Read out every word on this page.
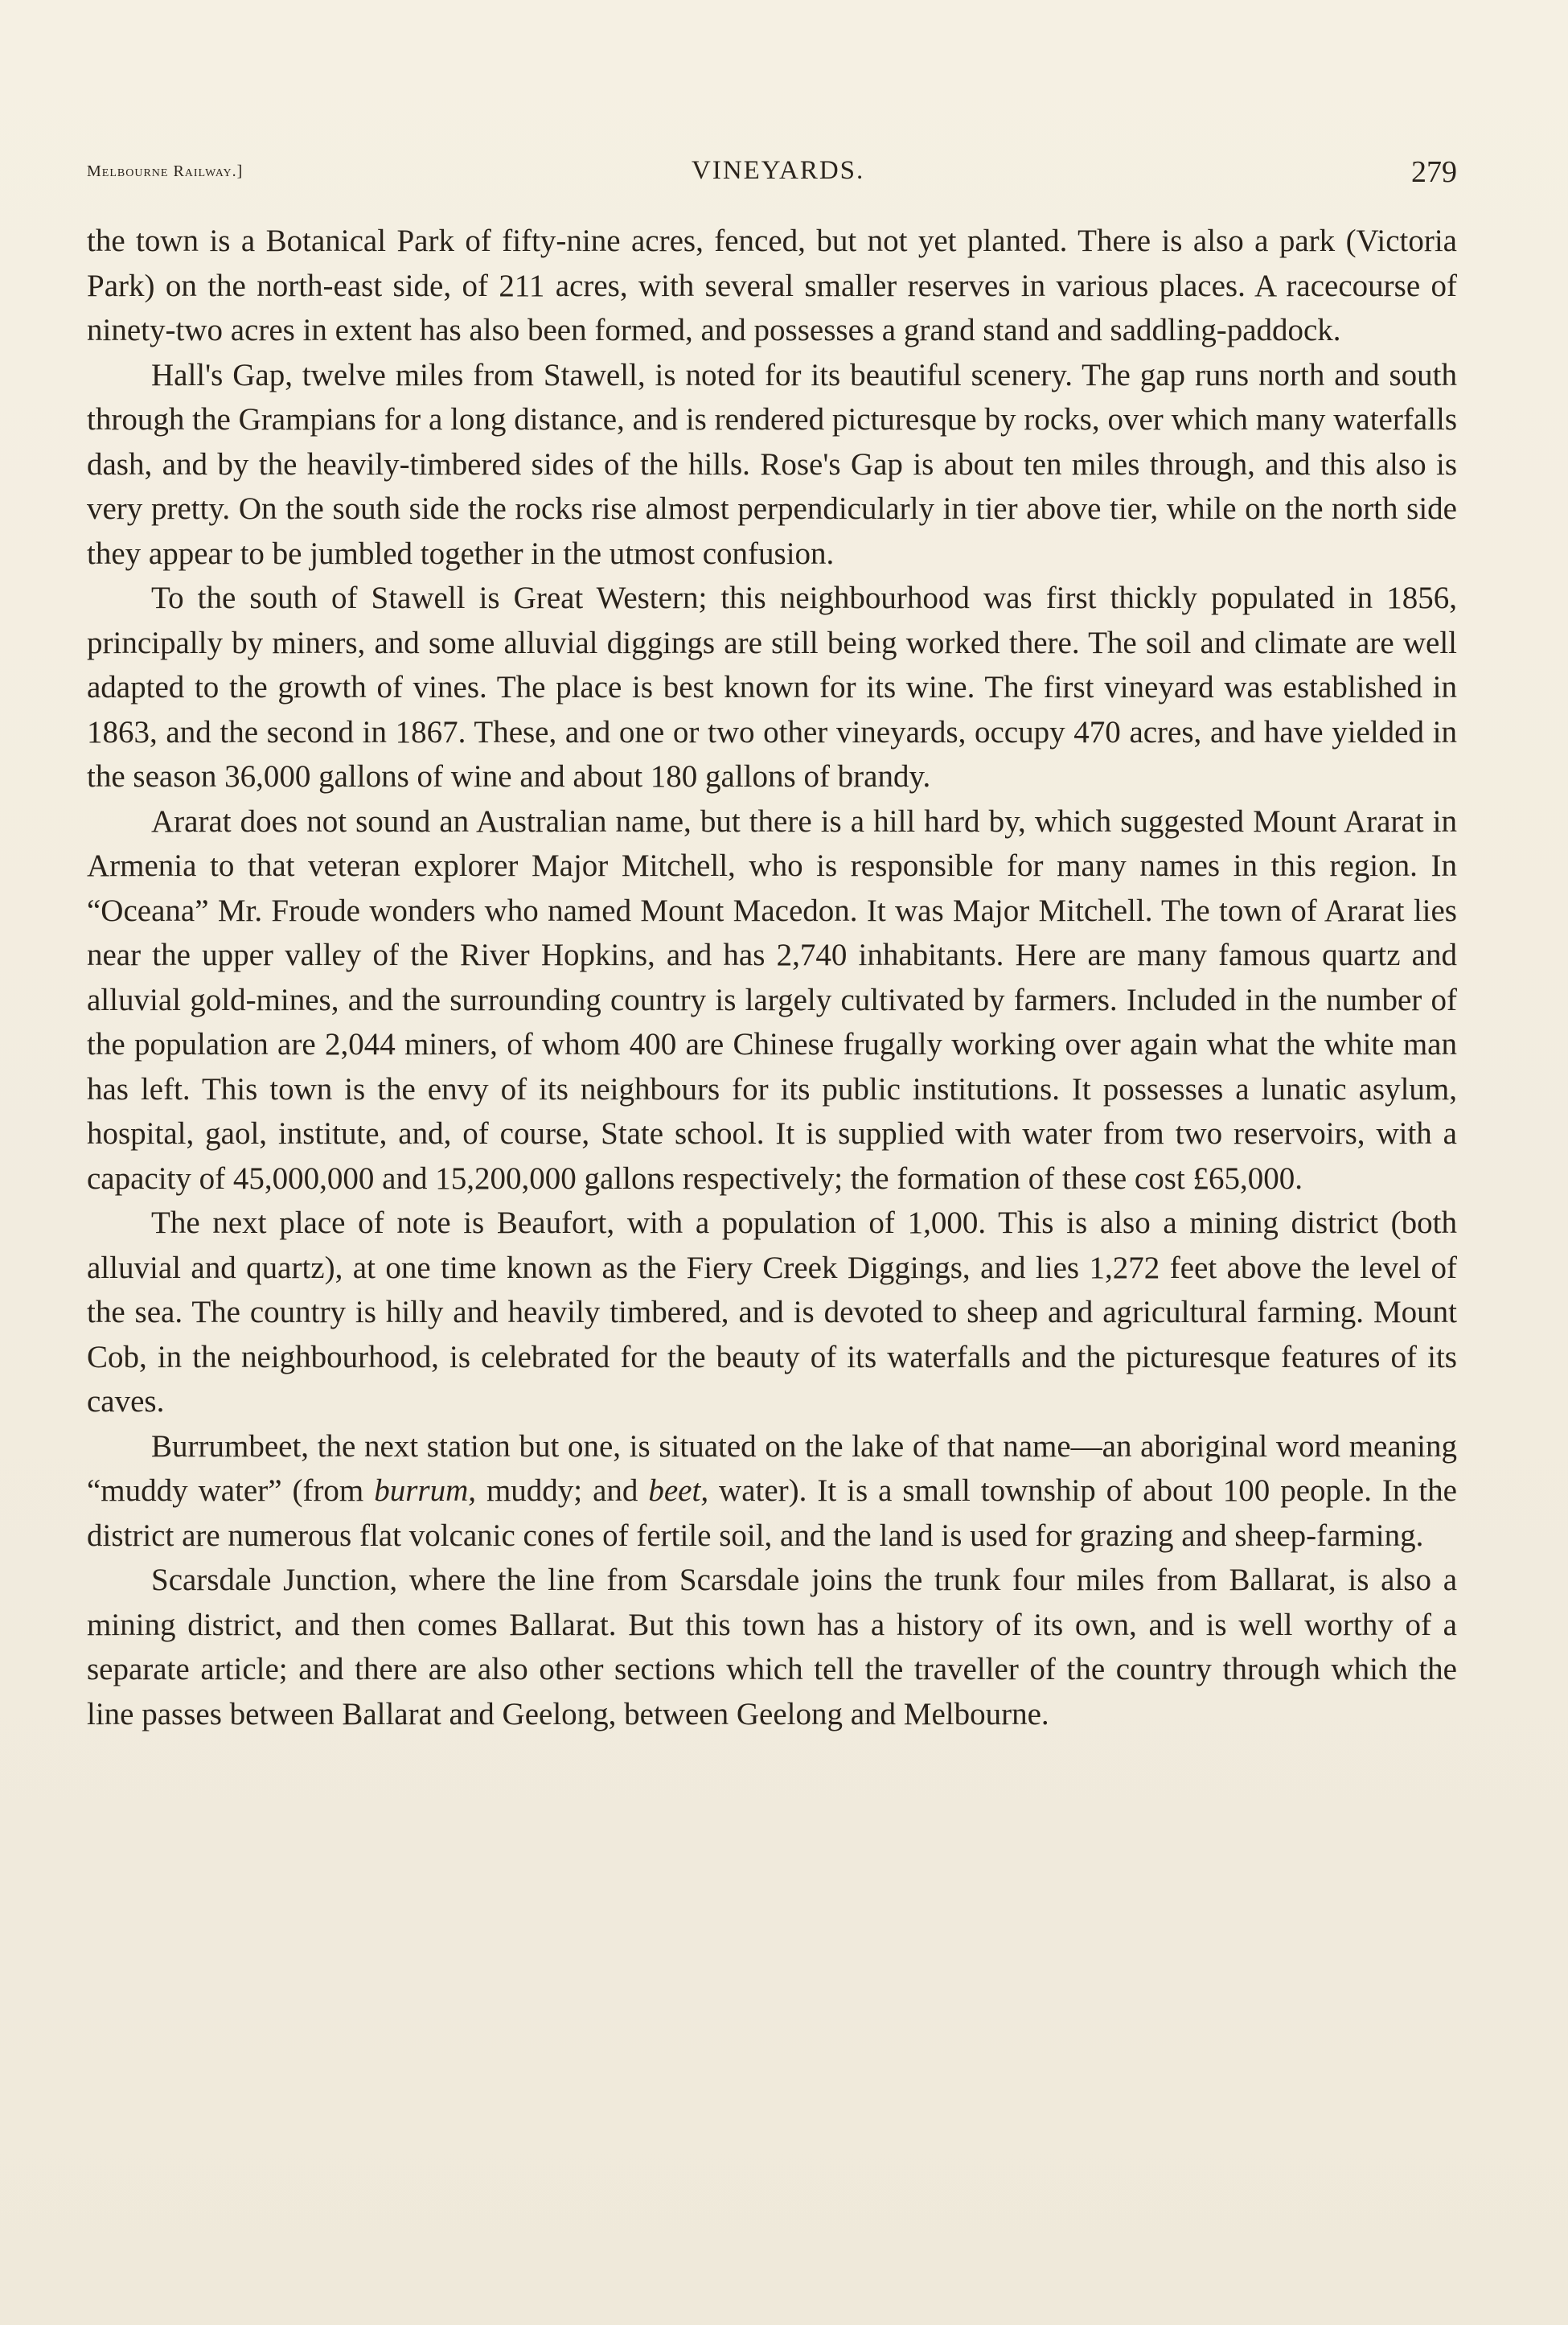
Melbourne Railway.]	VINEYARDS.	279

the town is a Botanical Park of fifty-nine acres, fenced, but not yet planted. There is also a park (Victoria Park) on the north-east side, of 211 acres, with several smaller reserves in various places. A racecourse of ninety-two acres in extent has also been formed, and possesses a grand stand and saddling-paddock.

Hall's Gap, twelve miles from Stawell, is noted for its beautiful scenery. The gap runs north and south through the Grampians for a long distance, and is rendered picturesque by rocks, over which many waterfalls dash, and by the heavily-timbered sides of the hills. Rose's Gap is about ten miles through, and this also is very pretty. On the south side the rocks rise almost perpendicularly in tier above tier, while on the north side they appear to be jumbled together in the utmost confusion.

To the south of Stawell is Great Western; this neighbourhood was first thickly populated in 1856, principally by miners, and some alluvial diggings are still being worked there. The soil and climate are well adapted to the growth of vines. The place is best known for its wine. The first vineyard was established in 1863, and the second in 1867. These, and one or two other vineyards, occupy 470 acres, and have yielded in the season 36,000 gallons of wine and about 180 gallons of brandy.

Ararat does not sound an Australian name, but there is a hill hard by, which suggested Mount Ararat in Armenia to that veteran explorer Major Mitchell, who is responsible for many names in this region. In “Oceana” Mr. Froude wonders who named Mount Macedon. It was Major Mitchell. The town of Ararat lies near the upper valley of the River Hopkins, and has 2,740 inhabitants. Here are many famous quartz and alluvial gold-mines, and the surrounding country is largely cultivated by farmers. Included in the number of the population are 2,044 miners, of whom 400 are Chinese frugally working over again what the white man has left. This town is the envy of its neighbours for its public institutions. It possesses a lunatic asylum, hospital, gaol, institute, and, of course, State school. It is supplied with water from two reservoirs, with a capacity of 45,000,000 and 15,200,000 gallons respectively; the formation of these cost £65,000.

The next place of note is Beaufort, with a population of 1,000. This is also a mining district (both alluvial and quartz), at one time known as the Fiery Creek Diggings, and lies 1,272 feet above the level of the sea. The country is hilly and heavily timbered, and is devoted to sheep and agricultural farming. Mount Cob, in the neighbourhood, is celebrated for the beauty of its waterfalls and the picturesque features of its caves.

Burrumbeet, the next station but one, is situated on the lake of that name—an aboriginal word meaning “muddy water” (from burrum, muddy; and beet, water). It is a small township of about 100 people. In the district are numerous flat volcanic cones of fertile soil, and the land is used for grazing and sheep-farming.

Scarsdale Junction, where the line from Scarsdale joins the trunk four miles from Ballarat, is also a mining district, and then comes Ballarat. But this town has a history of its own, and is well worthy of a separate article; and there are also other sections which tell the traveller of the country through which the line passes between Ballarat and Geelong, between Geelong and Melbourne.
